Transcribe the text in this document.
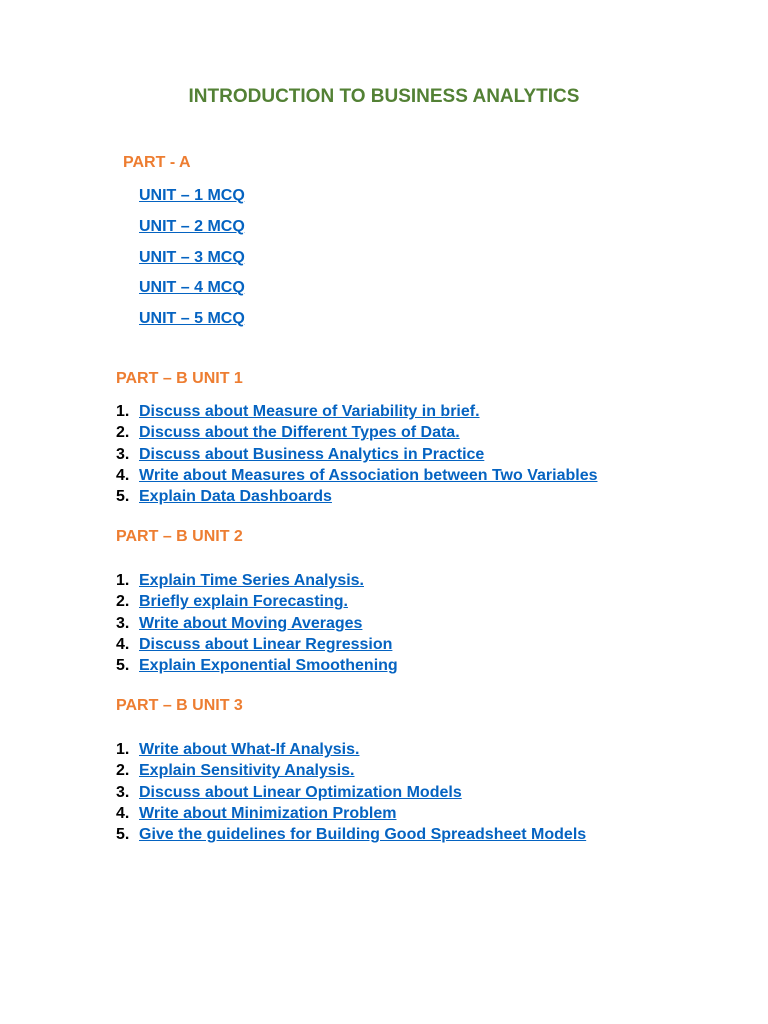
INTRODUCTION TO BUSINESS ANALYTICS
PART - A
UNIT – 1 MCQ
UNIT – 2 MCQ
UNIT – 3 MCQ
UNIT – 4 MCQ
UNIT – 5 MCQ
PART – B UNIT 1
1. Discuss about Measure of Variability in brief.
2. Discuss about the Different Types of Data.
3. Discuss about Business Analytics in Practice
4. Write about Measures of Association between Two Variables
5. Explain Data Dashboards
PART – B UNIT 2
1. Explain Time Series Analysis.
2. Briefly explain Forecasting.
3. Write about Moving Averages
4. Discuss about Linear Regression
5. Explain Exponential Smoothening
PART – B UNIT 3
1. Write about What-If Analysis.
2. Explain Sensitivity Analysis.
3. Discuss about Linear Optimization Models
4. Write about Minimization Problem
5. Give the guidelines for Building Good Spreadsheet Models
